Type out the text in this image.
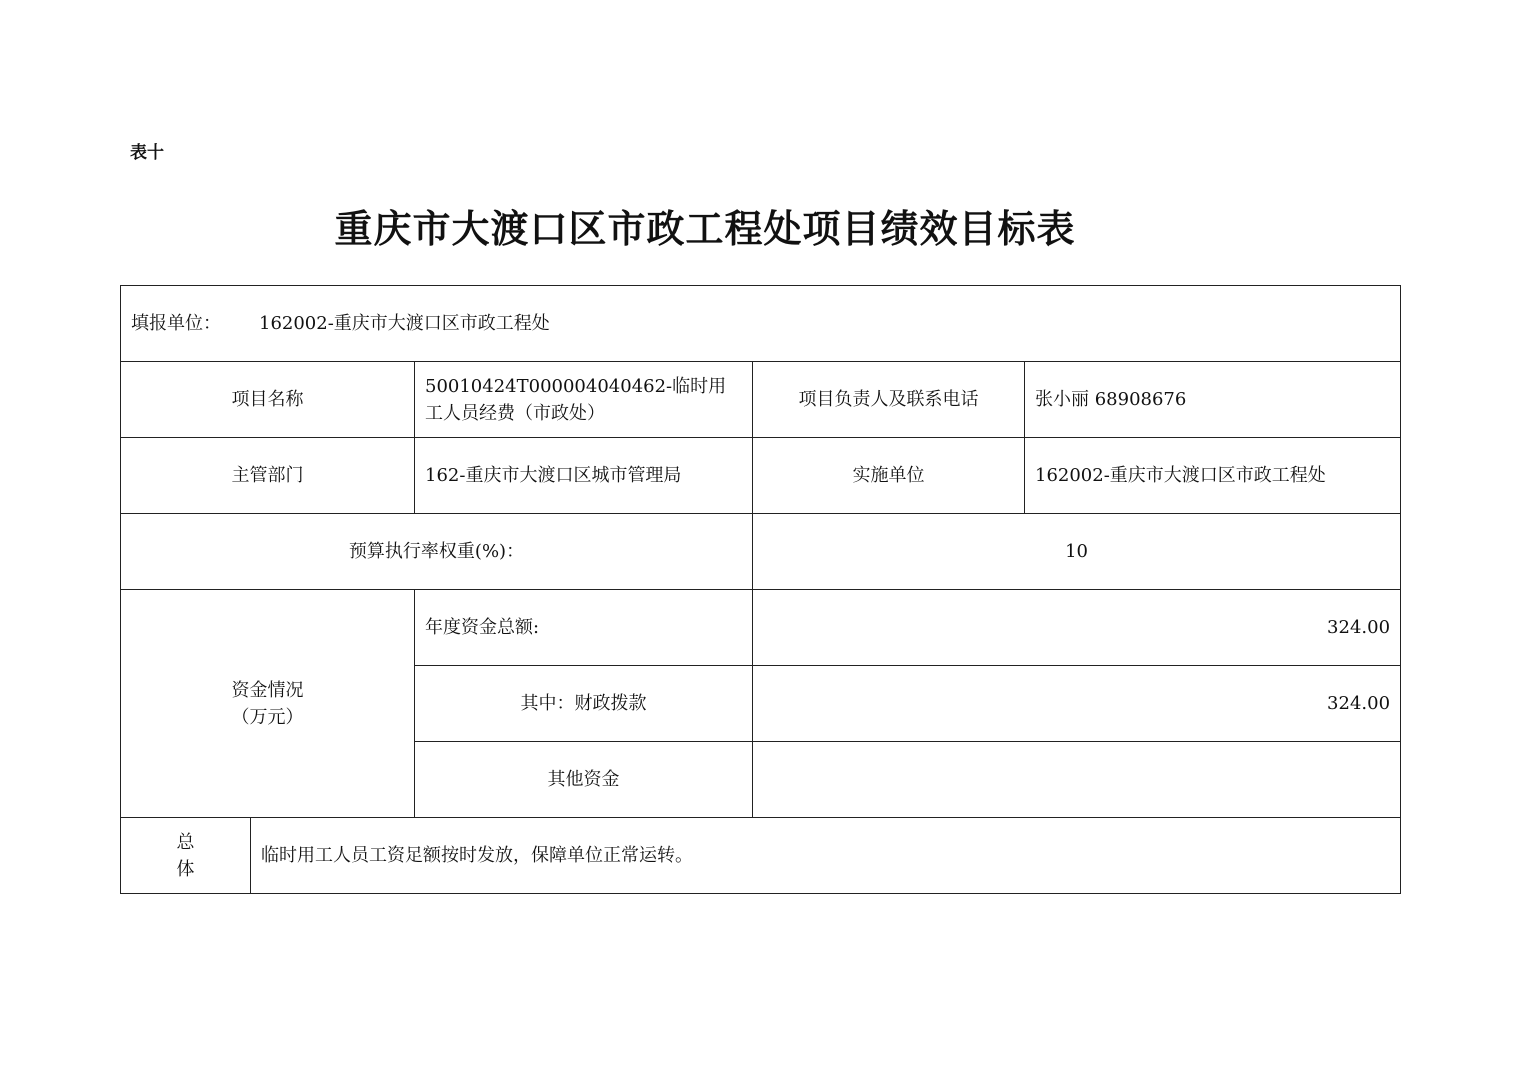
表十
重庆市大渡口区市政工程处项目绩效目标表
填报单位： 162002-重庆市大渡口区市政工程处				
项目名称		50010424T000004040462-临时用工人员经费（市政处）	项目负责人及联系电话	张小丽 68908676
主管部门		162-重庆市大渡口区城市管理局	实施单位	162002-重庆市大渡口区市政工程处
预算执行率权重(%)：			10	

资金情况
（万元）		年度资金总额:	324.00	
		其中：财政拨款	324.00	
		其他资金		

总
体	临时用工人员工资足额按时发放，保障单位正常运转。			
